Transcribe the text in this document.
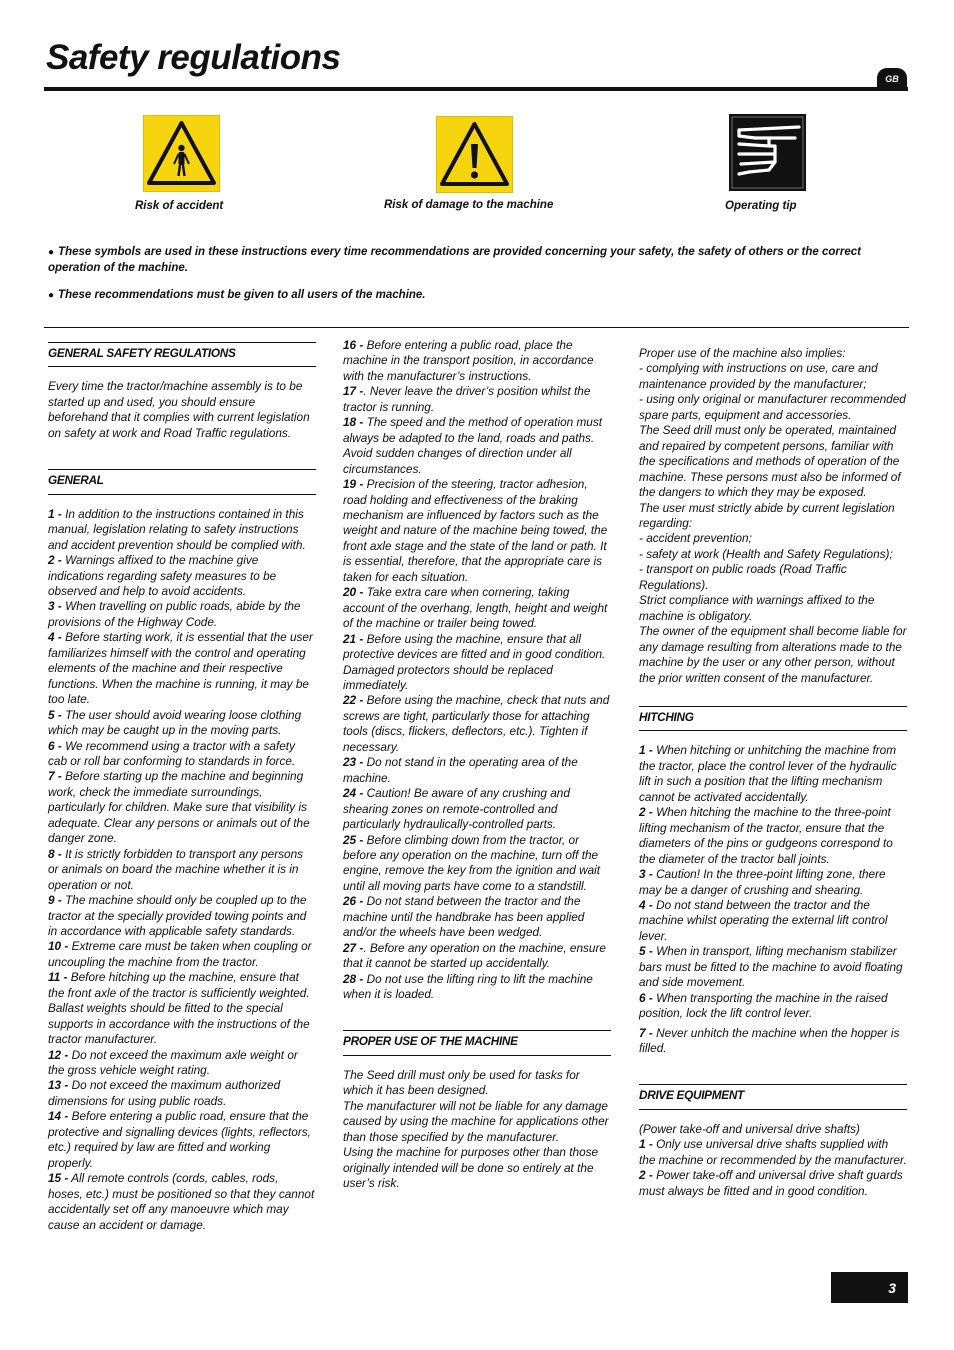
Safety regulations
GB
Risk of accident	Risk of damage to the machine	Operating tip

● These symbols are used in these instructions every time recommendations are provided concerning your safety, the safety of others or the correct operation of the machine.

● These recommendations must be given to all users of the machine.

GENERAL SAFETY REGULATIONS

Every time the tractor/machine assembly is to be started up and used, you should ensure beforehand that it complies with current legislation on safety at work and Road Traffic regulations.

GENERAL

1 - In addition to the instructions contained in this manual, legislation relating to safety instructions and accident prevention should be complied with.

2 - Warnings affixed to the machine give indications regarding safety measures to be observed and help to avoid accidents.

3 - When travelling on public roads, abide by the provisions of the Highway Code.

4 - Before starting work, it is essential that the user familiarizes himself with the control and operating elements of the machine and their respective functions. When the machine is running, it may be too late.

5 - The user should avoid wearing loose clothing which may be caught up in the moving parts.

6 - We recommend using a tractor with a safety cab or roll bar conforming to standards in force.

7 - Before starting up the machine and beginning work, check the immediate surroundings, particularly for children. Make sure that visibility is adequate. Clear any persons or animals out of the danger zone.

8 - It is strictly forbidden to transport any persons or animals on board the machine whether it is in operation or not.

9 - The machine should only be coupled up to the tractor at the specially provided towing points and in accordance with applicable safety standards.

10 - Extreme care must be taken when coupling or uncoupling the machine from the tractor.

11 - Before hitching up the machine, ensure that the front axle of the tractor is sufficiently weighted. Ballast weights should be fitted to the special supports in accordance with the instructions of the tractor manufacturer.

12 - Do not exceed the maximum axle weight or the gross vehicle weight rating.

13 - Do not exceed the maximum authorized dimensions for using public roads.

14 - Before entering a public road, ensure that the protective and signalling devices (lights, reflectors, etc.) required by law are fitted and working properly.

15 - All remote controls (cords, cables, rods, hoses, etc.) must be positioned so that they cannot accidentally set off any manoeuvre which may cause an accident or damage.

16 - Before entering a public road, place the machine in the transport position, in accordance with the manufacturer’s instructions.

17 -. Never leave the driver’s position whilst the tractor is running.

18 - The speed and the method of operation must always be adapted to the land, roads and paths. Avoid sudden changes of direction under all circumstances.

19 - Precision of the steering, tractor adhesion, road holding and effectiveness of the braking mechanism are influenced by factors such as the weight and nature of the machine being towed, the front axle stage and the state of the land or path. It is essential, therefore, that the appropriate care is taken for each situation.

20 - Take extra care when cornering, taking account of the overhang, length, height and weight of the machine or trailer being towed.

21 - Before using the machine, ensure that all protective devices are fitted and in good condition. Damaged protectors should be replaced immediately.

22 - Before using the machine, check that nuts and screws are tight, particularly those for attaching tools (discs, flickers, deflectors, etc.). Tighten if necessary.

23 - Do not stand in the operating area of the machine.

24 - Caution! Be aware of any crushing and shearing zones on remote-controlled and particularly hydraulically-controlled parts.

25 - Before climbing down from the tractor, or before any operation on the machine, turn off the engine, remove the key from the ignition and wait until all moving parts have come to a standstill.

26 - Do not stand between the tractor and the machine until the handbrake has been applied and/or the wheels have been wedged.

27 -. Before any operation on the machine, ensure that it cannot be started up accidentally.

28 - Do not use the lifting ring to lift the machine when it is loaded.

PROPER USE OF THE MACHINE

The Seed drill must only be used for tasks for which it has been designed.

The manufacturer will not be liable for any damage caused by using the machine for applications other than those specified by the manufacturer.

Using the machine for purposes other than those originally intended will be done so entirely at the user’s risk.

Proper use of the machine also implies:

- complying with instructions on use, care and maintenance provided by the manufacturer;

- using only original or manufacturer recommended spare parts, equipment and accessories.

The Seed drill must only be operated, maintained and repaired by competent persons, familiar with the specifications and methods of operation of the machine. These persons must also be informed of the dangers to which they may be exposed.

The user must strictly abide by current legislation regarding:

- accident prevention;

- safety at work (Health and Safety Regulations);

- transport on public roads (Road Traffic Regulations).

Strict compliance with warnings affixed to the machine is obligatory.

The owner of the equipment shall become liable for any damage resulting from alterations made to the machine by the user or any other person, without the prior written consent of the manufacturer.

HITCHING

1 - When hitching or unhitching the machine from the tractor, place the control lever of the hydraulic lift in such a position that the lifting mechanism cannot be activated accidentally.

2 - When hitching the machine to the three-point lifting mechanism of the tractor, ensure that the diameters of the pins or gudgeons correspond to the diameter of the tractor ball joints.

3 - Caution! In the three-point lifting zone, there may be a danger of crushing and shearing.

4 - Do not stand between the tractor and the machine whilst operating the external lift control lever.

5 - When in transport, lifting mechanism stabilizer bars must be fitted to the machine to avoid floating and side movement.

6 - When transporting the machine in the raised position, lock the lift control lever.

7 - Never unhitch the machine when the hopper is filled.

DRIVE EQUIPMENT

(Power take-off and universal drive shafts)

1 - Only use universal drive shafts supplied with the machine or recommended by the manufacturer.

2 - Power take-off and universal drive shaft guards must always be fitted and in good condition.

3
